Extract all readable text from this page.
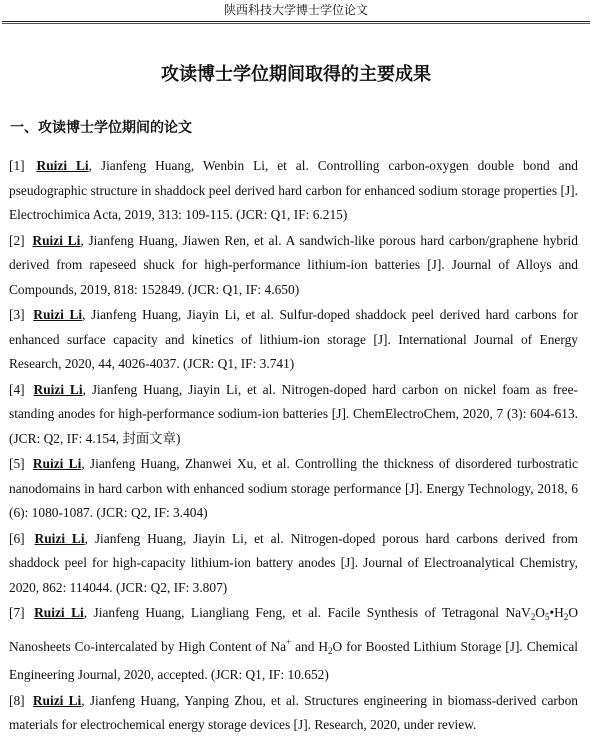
陕西科技大学博士学位论文
攻读博士学位期间取得的主要成果
一、攻读博士学位期间的论文

[1] Ruizi Li, Jianfeng Huang, Wenbin Li, et al. Controlling carbon-oxygen double bond and pseudographic structure in shaddock peel derived hard carbon for enhanced sodium storage properties [J]. Electrochimica Acta, 2019, 313: 109-115. (JCR: Q1, IF: 6.215)

[2] Ruizi Li, Jianfeng Huang, Jiawen Ren, et al. A sandwich-like porous hard carbon/graphene hybrid derived from rapeseed shuck for high-performance lithium-ion batteries [J]. Journal of Alloys and Compounds, 2019, 818: 152849. (JCR: Q1, IF: 4.650)

[3] Ruizi Li, Jianfeng Huang, Jiayin Li, et al. Sulfur-doped shaddock peel derived hard carbons for enhanced surface capacity and kinetics of lithium-ion storage [J]. International Journal of Energy Research, 2020, 44, 4026-4037. (JCR: Q1, IF: 3.741)

[4] Ruizi Li, Jianfeng Huang, Jiayin Li, et al. Nitrogen-doped hard carbon on nickel foam as free-standing anodes for high-performance sodium-ion batteries [J]. ChemElectroChem, 2020, 7 (3): 604-613. (JCR: Q2, IF: 4.154, 封面文章)

[5] Ruizi Li, Jianfeng Huang, Zhanwei Xu, et al. Controlling the thickness of disordered turbostratic nanodomains in hard carbon with enhanced sodium storage performance [J]. Energy Technology, 2018, 6 (6): 1080-1087. (JCR: Q2, IF: 3.404)

[6] Ruizi Li, Jianfeng Huang, Jiayin Li, et al. Nitrogen-doped porous hard carbons derived from shaddock peel for high-capacity lithium-ion battery anodes [J]. Journal of Electroanalytical Chemistry, 2020, 862: 114044. (JCR: Q2, IF: 3.807)

[7] Ruizi Li, Jianfeng Huang, Liangliang Feng, et al. Facile Synthesis of Tetragonal $NaV_2O_5•H_2O$ Nanosheets Co-intercalated by High Content of Na+ and $H_2O$ for Boosted Lithium Storage [J]. Chemical Engineering Journal, 2020, accepted. (JCR: Q1, IF: 10.652)

[8] Ruizi Li, Jianfeng Huang, Yanping Zhou, et al. Structures engineering in biomass-derived carbon materials for electrochemical energy storage devices [J]. Research, 2020, under review.
